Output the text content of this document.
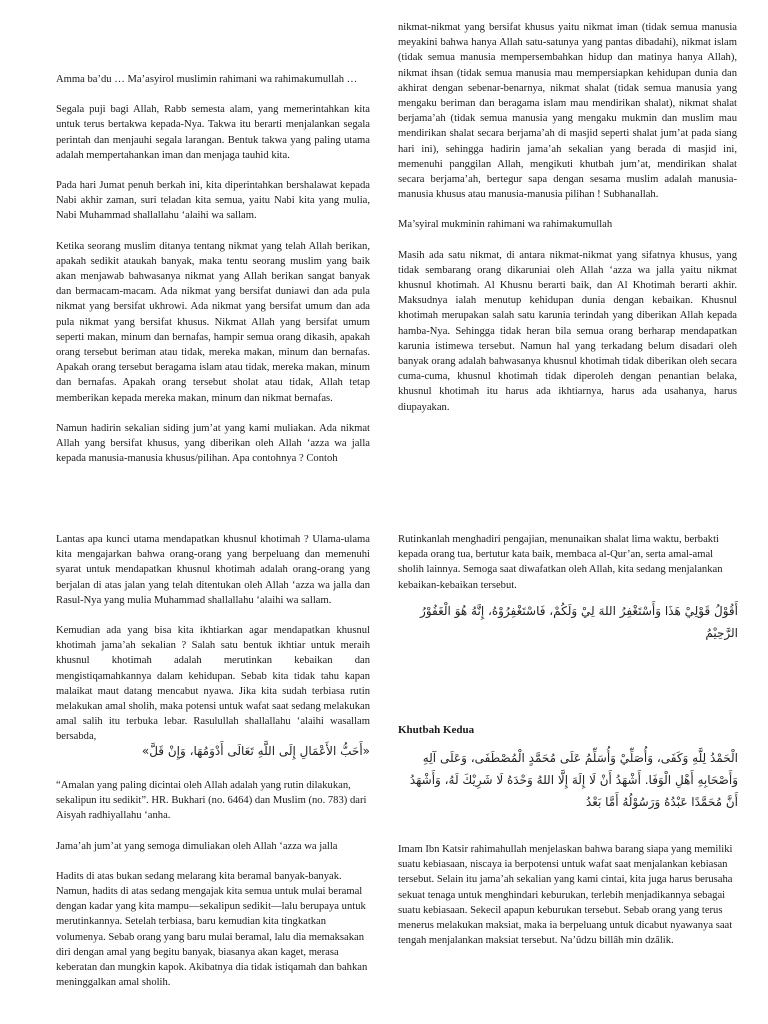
Amma ba’du … Ma’asyirol muslimin rahimani wa rahimakumullah …

Segala puji bagi Allah, Rabb semesta alam, yang memerintahkan kita untuk terus bertakwa kepada-Nya. Takwa itu berarti menjalankan segala perintah dan menjauhi segala larangan. Bentuk takwa yang paling utama adalah mempertahankan iman dan menjaga tauhid kita.

Pada hari Jumat penuh berkah ini, kita diperintahkan bershalawat kepada Nabi akhir zaman, suri teladan kita semua, yaitu Nabi kita yang mulia, Nabi Muhammad shallallahu ‘alaihi wa sallam.

Ketika seorang muslim ditanya tentang nikmat yang telah Allah berikan, apakah sedikit ataukah banyak, maka tentu seorang muslim yang baik akan menjawab bahwasanya nikmat yang Allah berikan sangat banyak dan bermacam-macam. Ada nikmat yang bersifat duniawi dan ada pula nikmat yang bersifat ukhrowi. Ada nikmat yang bersifat umum dan ada pula nikmat yang bersifat khusus. Nikmat Allah yang bersifat umum seperti makan, minum dan bernafas, hampir semua orang dikasih, apakah orang tersebut beriman atau tidak, mereka makan, minum dan bernafas. Apakah orang tersebut beragama islam atau tidak, mereka makan, minum dan bernafas. Apakah orang tersebut sholat atau tidak, Allah tetap memberikan kepada mereka makan, minum dan nikmat bernafas.

Namun hadirin sekalian siding jum’at yang kami muliakan. Ada nikmat Allah yang bersifat khusus, yang diberikan oleh Allah ‘azza wa jalla kepada manusia-manusia khusus/pilihan. Apa contohnya ? Contoh

nikmat-nikmat yang bersifat khusus yaitu nikmat iman (tidak semua manusia meyakini bahwa hanya Allah satu-satunya yang pantas dibadahi), nikmat islam (tidak semua manusia mempersembahkan hidup dan matinya hanya Allah), nikmat ihsan (tidak semua manusia mau mempersiapkan kehidupan dunia dan akhirat dengan sebenar-benarnya, nikmat shalat (tidak semua manusia yang mengaku beriman dan beragama islam mau mendirikan shalat), nikmat shalat berjama’ah (tidak semua manusia yang mengaku mukmin dan muslim mau mendirikan shalat secara berjama’ah di masjid seperti shalat jum’at pada siang hari ini), sehingga hadirin jama’ah sekalian yang berada di masjid ini, memenuhi panggilan Allah, mengikuti khutbah jum’at, mendirikan shalat secara berjama’ah, bertegur sapa dengan sesama muslim adalah manusia-manusia khusus atau manusia-manusia pilihan ! Subhanallah.

Ma’syiral mukminin rahimani wa rahimakumullah

Masih ada satu nikmat, di antara nikmat-nikmat yang sifatnya khusus, yang tidak sembarang orang dikaruniai oleh Allah ‘azza wa jalla yaitu nikmat khusnul khotimah. Al Khusnu berarti baik, dan Al Khotimah berarti akhir. Maksudnya ialah menutup kehidupan dunia dengan kebaikan. Khusnul khotimah merupakan salah satu karunia terindah yang diberikan Allah kepada hamba-Nya. Sehingga tidak heran bila semua orang berharap mendapatkan karunia istimewa tersebut. Namun hal yang terkadang belum disadari oleh banyak orang adalah bahwasanya khusnul khotimah tidak diberikan oleh secara cuma-cuma, khusnul khotimah tidak diperoleh dengan penantian belaka, khusnul khotimah itu harus ada ikhtiarnya, harus ada usahanya, harus diupayakan.

Lantas apa kunci utama mendapatkan khusnul khotimah ? Ulama-ulama kita mengajarkan bahwa orang-orang yang berpeluang dan memenuhi syarat untuk mendapatkan khusnul khotimah adalah orang-orang yang berjalan di atas jalan yang telah ditentukan oleh Allah ‘azza wa jalla dan Rasul-Nya yang mulia Muhammad shallallahu ‘alaihi wa sallam.

Kemudian ada yang bisa kita ikhtiarkan agar mendapatkan khusnul khotimah jama’ah sekalian ? Salah satu bentuk ikhtiar untuk meraih khusnul khotimah adalah merutinkan kebaikan dan mengistiqamahkannya dalam kehidupan. Sebab kita tidak tahu kapan malaikat maut datang mencabut nyawa. Jika kita sudah terbiasa rutin melakukan amal sholih, maka potensi untuk wafat saat sedang melakukan amal salih itu terbuka lebar. Rasulullah shallallahu ‘alaihi wasallam bersabda,

«أَحَبُّ الأَعْمَالِ إِلَى اللَّهِ تَعَالَى أَدْوَمُهَا، وَإِنْ قَلَّ»

“Amalan yang paling dicintai oleh Allah adalah yang rutin dilakukan, sekalipun itu sedikit”. HR. Bukhari (no. 6464) dan Muslim (no. 783) dari Aisyah radhiyallahu ‘anha.

Jama’ah jum’at yang semoga dimuliakan oleh Allah ‘azza wa jalla

Hadits di atas bukan sedang melarang kita beramal banyak-banyak. Namun, hadits di atas sedang mengajak kita semua untuk mulai beramal dengan kadar yang kita mampu—sekalipun sedikit—lalu berupaya untuk merutinkannya. Setelah terbiasa, baru kemudian kita tingkatkan volumenya. Sebab orang yang baru mulai beramal, lalu dia memaksakan diri dengan amal yang begitu banyak, biasanya akan kaget, merasa keberatan dan mungkin kapok. Akibatnya dia tidak istiqamah dan bahkan meninggalkan amal sholih.

Rutinkanlah menghadiri pengajian, menunaikan shalat lima waktu, berbakti kepada orang tua, bertutur kata baik, membaca al-Qur’an, serta amal-amal sholih lainnya. Semoga saat diwafatkan oleh Allah, kita sedang menjalankan kebaikan-kebaikan tersebut.

أَقُوْلُ قَوْلِيْ هَذَا وَأَسْتَغْفِرُ اللهَ لِيْ وَلَكُمْ، فَاسْتَغْفِرُوْهُ، إِنَّهُ هُوَ الْغَفُوْرُ الرَّحِيْمُ
Khutbah Kedua
الْحَمْدُ لِلَّهِ وَكَفَى، وَأُصَلِّيْ وَأُسَلِّمُ عَلَى مُحَمَّدٍ الْمُصْطَفَى، وَعَلَى آلِهِ وَأَصْحَابِهِ أَهْلِ الْوَفَا. أَشْهَدُ أَنْ لَا إِلَهَ إِلَّا اللهُ وَحْدَهُ لَا شَرِيْكَ لَهُ، وَأَشْهَدُ أَنَّ مُحَمَّدًا عَبْدُهُ وَرَسُوْلُهُ أَمَّا بَعْدُ

Imam Ibn Katsir rahimahullah menjelaskan bahwa barang siapa yang memiliki suatu kebiasaan, niscaya ia berpotensi untuk wafat saat menjalankan kebiasan tersebut. Selain itu jama’ah sekalian yang kami cintai, kita juga harus berusaha sekuat tenaga untuk menghindari keburukan, terlebih menjadikannya sebagai suatu kebiasaan. Sekecil apapun keburukan tersebut. Sebab orang yang terus menerus melakukan maksiat, maka ia berpeluang untuk dicabut nyawanya saat tengah menjalankan maksiat tersebut. Na’ûdzu billâh min dzâlik.
